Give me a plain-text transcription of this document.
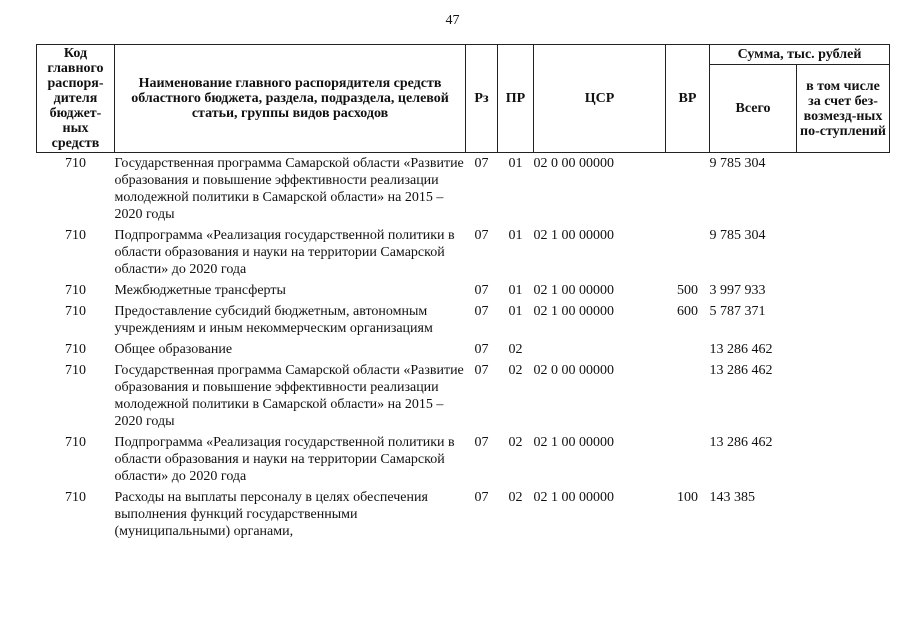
47
Код главного распоря-дителя бюджет-ных средств	Наименование главного распорядителя средств областного бюджета, раздела, подраздела, целевой статьи, группы видов расходов	Рз	ПР	ЦСР	ВР	Сумма, тыс. рублей	
						Всего	в том числе за счет без-возмезд-ных по-ступлений
710	Государственная программа Самарской области «Развитие образования и повышение эффективности реализации молодежной политики в Самарской области» на 2015 – 2020 годы	07	01	02 0 00 00000		9 785 304	
710	Подпрограмма «Реализация государственной политики в области образования и науки на территории Самарской области» до 2020 года	07	01	02 1 00 00000		9 785 304	
710	Межбюджетные трансферты	07	01	02 1 00 00000	500	3 997 933	
710	Предоставление субсидий бюджетным, автономным учреждениям и иным некоммерческим организациям	07	01	02 1 00 00000	600	5 787 371	
710	Общее образование	07	02			13 286 462	
710	Государственная программа Самарской области «Развитие образования и повышение эффективности реализации молодежной политики в Самарской области» на 2015 – 2020 годы	07	02	02 0 00 00000		13 286 462	
710	Подпрограмма «Реализация государственной политики в области образования и науки на территории Самарской области» до 2020 года	07	02	02 1 00 00000		13 286 462	
710	Расходы на выплаты персоналу в целях обеспечения выполнения функций государственными (муниципальными) органами,	07	02	02 1 00 00000	100	143 385	
